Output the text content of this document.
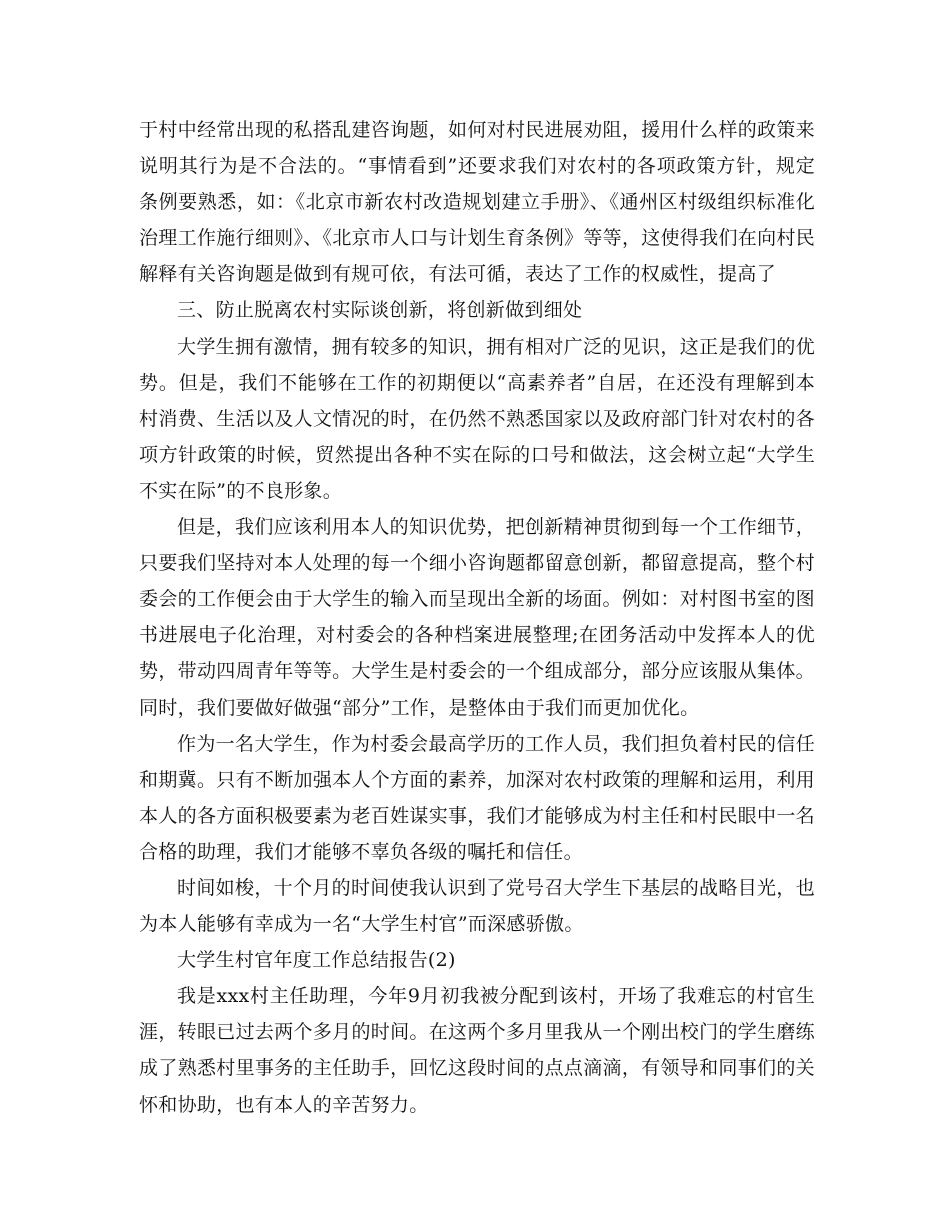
于村中经常出现的私搭乱建咨询题，如何对村民进展劝阻，援用什么样的政策来说明其行为是不合法的。“事情看到”还要求我们对农村的各项政策方针，规定条例要熟悉，如：《北京市新农村改造规划建立手册》、《通州区村级组织标准化治理工作施行细则》、《北京市人口与计划生育条例》等等，这使得我们在向村民解释有关咨询题是做到有规可依，有法可循，表达了工作的权威性，提高了

三、防止脱离农村实际谈创新，将创新做到细处

大学生拥有激情，拥有较多的知识，拥有相对广泛的见识，这正是我们的优势。但是，我们不能够在工作的初期便以“高素养者”自居，在还没有理解到本村消费、生活以及人文情况的时，在仍然不熟悉国家以及政府部门针对农村的各项方针政策的时候，贸然提出各种不实在际的口号和做法，这会树立起“大学生不实在际”的不良形象。

但是，我们应该利用本人的知识优势，把创新精神贯彻到每一个工作细节，只要我们坚持对本人处理的每一个细小咨询题都留意创新，都留意提高，整个村委会的工作便会由于大学生的输入而呈现出全新的场面。例如：对村图书室的图书进展电子化治理，对村委会的各种档案进展整理;在团务活动中发挥本人的优势，带动四周青年等等。大学生是村委会的一个组成部分，部分应该服从集体。同时，我们要做好做强“部分”工作，是整体由于我们而更加优化。

作为一名大学生，作为村委会最高学历的工作人员，我们担负着村民的信任和期冀。只有不断加强本人个方面的素养，加深对农村政策的理解和运用，利用本人的各方面积极要素为老百姓谋实事，我们才能够成为村主任和村民眼中一名合格的助理，我们才能够不辜负各级的嘱托和信任。

时间如梭，十个月的时间使我认识到了党号召大学生下基层的战略目光，也为本人能够有幸成为一名“大学生村官”而深感骄傲。

大学生村官年度工作总结报告(2)

我是xxx村主任助理，今年9月初我被分配到该村，开场了我难忘的村官生涯，转眼已过去两个多月的时间。在这两个多月里我从一个刚出校门的学生磨练成了熟悉村里事务的主任助手，回忆这段时间的点点滴滴，有领导和同事们的关怀和协助，也有本人的辛苦努力。
